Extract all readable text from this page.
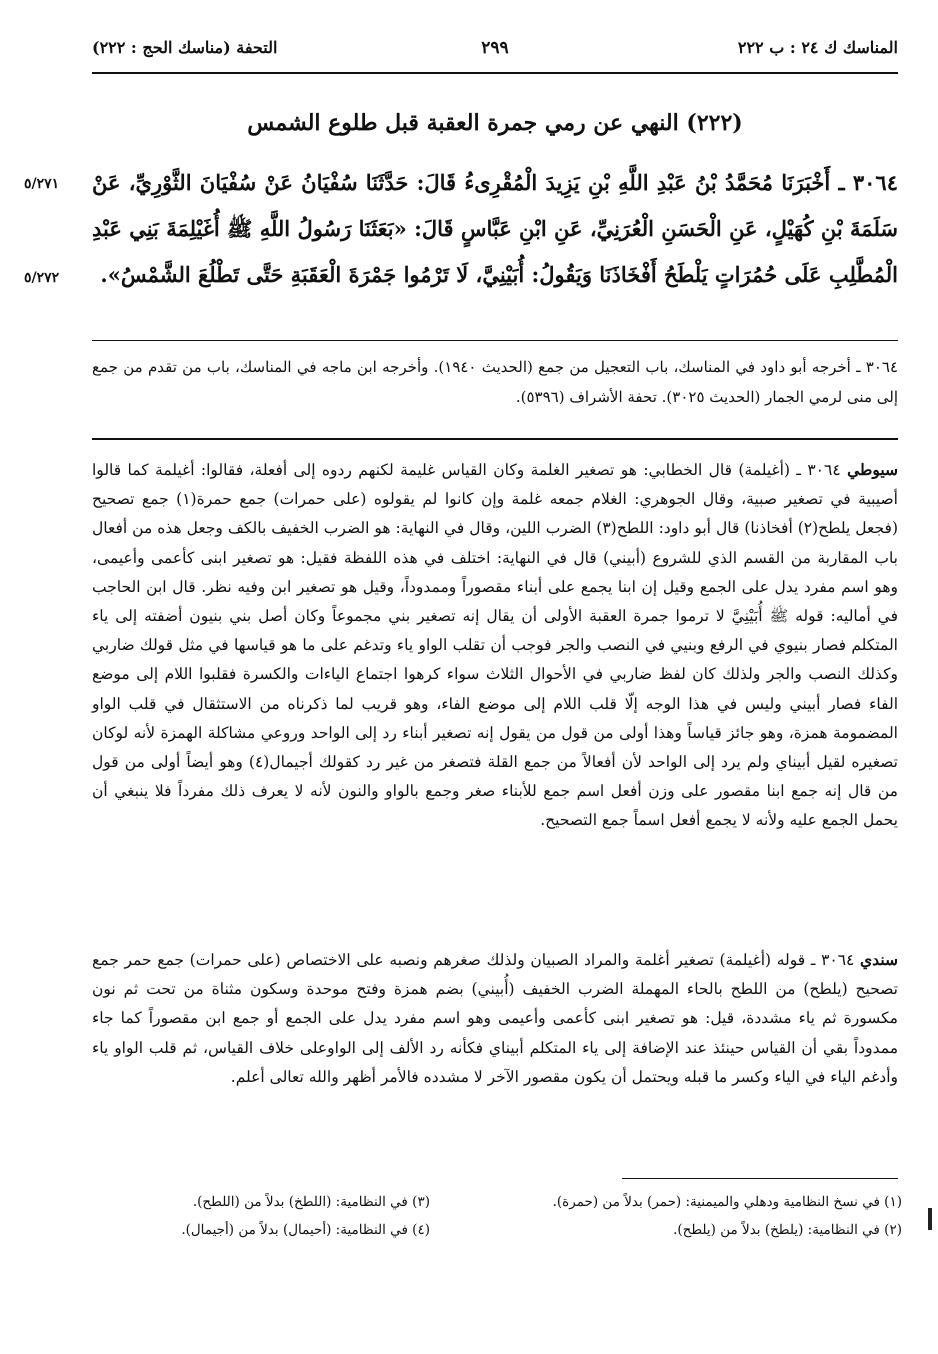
المناسك ك ٢٤ : ب ٢٢٢
٢٩٩
التحفة (مناسك الحج : ٢٢٢)
(٢٢٢) النهي عن رمي جمرة العقبة قبل طلوع الشمس
٣٠٦٤ ـ أَخْبَرَنَا مُحَمَّدُ بْنُ عَبْدِ اللَّهِ بْنِ يَزِيدَ الْمُقْرِىءُ قَالَ: حَدَّثَنَا سُفْيَانُ عَنْ سُفْيَانَ الثَّوْرِيِّ، عَنْ سَلَمَةَ بْنِ كُهَيْلٍ، عَنِ الْحَسَنِ الْعُرَنِيِّ، عَنِ ابْنِ عَبَّاسٍ قَالَ: «بَعَثَنَا رَسُولُ اللَّهِ ﷺ أُغَيْلِمَةَ بَنِي عَبْدِ الْمُطَّلِبِ عَلَى حُمُرَاتٍ يَلْطَحُ أَفْخَاذَنَا وَيَقُولُ: أُبَيْنِيَّ، لَا تَرْمُوا جَمْرَةَ الْعَقَبَةِ حَتَّى تَطْلُعَ الشَّمْسُ».
٥/٢٧١
٥/٢٧٢
٣٠٦٤ ـ أخرجه أبو داود في المناسك، باب التعجيل من جمع (الحديث ١٩٤٠). وأخرجه ابن ماجه في المناسك، باب من تقدم من جمع إلى منى لرمي الجمار (الحديث ٣٠٢٥). تحفة الأشراف (٥٣٩٦).
سيوطي ٣٠٦٤ ـ (أغيلمة) قال الخطابي: هو تصغير الغلمة وكان القياس غليمة لكنهم ردوه إلى أفعلة، فقالوا: أغيلمة كما قالوا أصيبية في تصغير صبية، وقال الجوهري: الغلام جمعه غلمة وإن كانوا لم يقولوه (على حمرات) جمع حمرة(١) جمع تصحيح (فجعل يلطح(٢) أفخاذنا) قال أبو داود: اللطح(٣) الضرب اللين، وقال في النهاية: هو الضرب الخفيف بالكف وجعل هذه من أفعال باب المقاربة من القسم الذي للشروع (أبيني) قال في النهاية: اختلف في هذه اللفظة فقيل: هو تصغير ابنى كأعمى وأعيمى، وهو اسم مفرد يدل على الجمع وقيل إن ابنا يجمع على أبناء مقصوراً وممدوداً، وقيل هو تصغير ابن وفيه نظر. قال ابن الحاجب في أماليه: قوله ﷺ أُبَيْنِيَّ لا ترموا جمرة العقبة الأولى أن يقال إنه تصغير بني مجموعاً وكان أصل بني بنيون أضفته إلى ياء المتكلم فصار بنيوي في الرفع وبنيي في النصب والجر فوجب أن تقلب الواو ياء وتدغم على ما هو قياسها في مثل قولك ضاربي وكذلك النصب والجر ولذلك كان لفظ ضاربي في الأحوال الثلاث سواء كرهوا اجتماع الياءات والكسرة فقلبوا اللام إلى موضع الفاء فصار أبيني وليس في هذا الوجه إلّا قلب اللام إلى موضع الفاء، وهو قريب لما ذكرناه من الاستثقال في قلب الواو المضمومة همزة، وهو جائز قياساً وهذا أولى من قول من يقول إنه تصغير أبناء رد إلى الواحد وروعي مشاكلة الهمزة لأنه لوكان تصغيره لقيل أبيناي ولم يرد إلى الواحد لأن أفعالاً من جمع القلة فتصغر من غير رد كقولك أجيمال(٤) وهو أيضاً أولى من قول من قال إنه جمع ابنا مقصور على وزن أفعل اسم جمع للأبناء صغر وجمع بالواو والنون لأنه لا يعرف ذلك مفرداً فلا ينبغي أن يحمل الجمع عليه ولأنه لا يجمع أفعل اسماً جمع التصحيح.
سندي ٣٠٦٤ ـ قوله (أغيلمة) تصغير أغلمة والمراد الصبيان ولذلك صغرهم ونصبه على الاختصاص (على حمرات) جمع حمر جمع تصحيح (يلطح) من اللطح بالحاء المهملة الضرب الخفيف (أُبيني) بضم همزة وفتح موحدة وسكون مثناة من تحت ثم نون مكسورة ثم ياء مشددة، قيل: هو تصغير ابنى كأعمى وأعيمى وهو اسم مفرد يدل على الجمع أو جمع ابن مقصوراً كما جاء ممدوداً بقي أن القياس حينئذ عند الإضافة إلى ياء المتكلم أبيناي فكأنه رد الألف إلى الواوعلى خلاف القياس، ثم قلب الواو ياء وأدغم الياء في الياء وكسر ما قبله ويحتمل أن يكون مقصور الآخر لا مشدده فالأمر أظهر والله تعالى أعلم.
(١) في نسخ النظامية ودهلي والميمنية: (حمر) بدلاً من (حمرة).
(٢) في النظامية: (يلطخ) بدلاً من (يلطح).
(٣) في النظامية: (اللطخ) بدلاً من (اللطح).
(٤) في النظامية: (أحيمال) بدلاً من (أجيمال).
